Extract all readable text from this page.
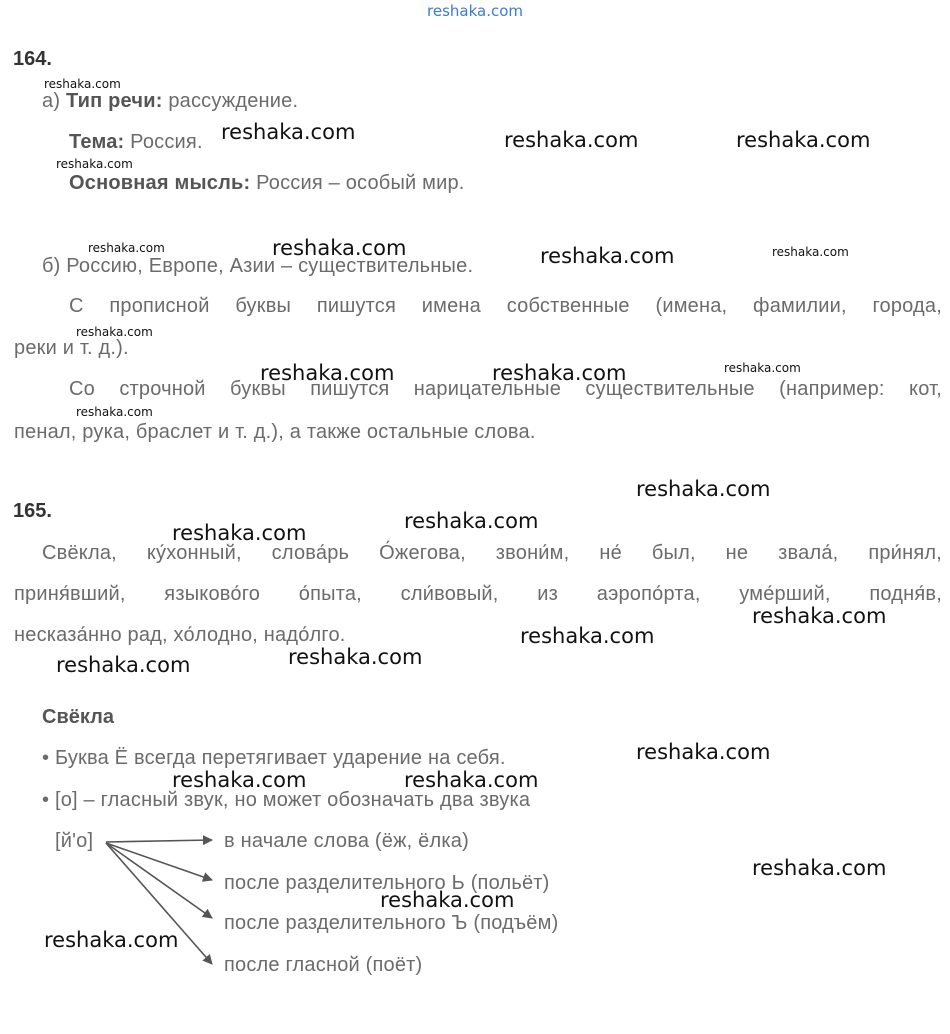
reshaka.com
164.
а) Тип речи: рассуждение.
Тема: Россия.
Основная мысль: Россия – особый мир.
б) Россию, Европе, Азии – существительные.
С прописной буквы пишутся имена собственные (имена, фамилии, города,
реки и т. д.).
Со строчной буквы пишутся нарицательные существительные (например: кот,
пенал, рука, браслет и т. д.), а также остальные слова.
165.
Свёкла, ку́хонный, слова́рь О́жегова, звони́м, не́ был, не звала́, при́нял,
приня́вший, языково́го о́пыта, сли́вовый, из аэропо́рта, уме́рший, подня́в,
несказа́нно рад, хо́лодно, надо́лго.
Свёкла
• Буква Ё всегда перетягивает ударение на себя.
• [о] – гласный звук, но может обозначать два звука
[й'о]	в начале слова (ёж, ёлка)
после разделительного Ь (польёт)
после разделительного Ъ (подъём)
после гласной (поёт)
reshaka.com
reshaka.com	reshaka.com	reshaka.com
reshaka.com
reshaka.com	reshaka.com	reshaka.com	reshaka.com
reshaka.com
reshaka.com	reshaka.com	reshaka.com
reshaka.com
reshaka.com
reshaka.com
reshaka.com
reshaka.com
reshaka.com
reshaka.com
reshaka.com
reshaka.com
reshaka.com	reshaka.com
reshaka.com
reshaka.com
reshaka.com
